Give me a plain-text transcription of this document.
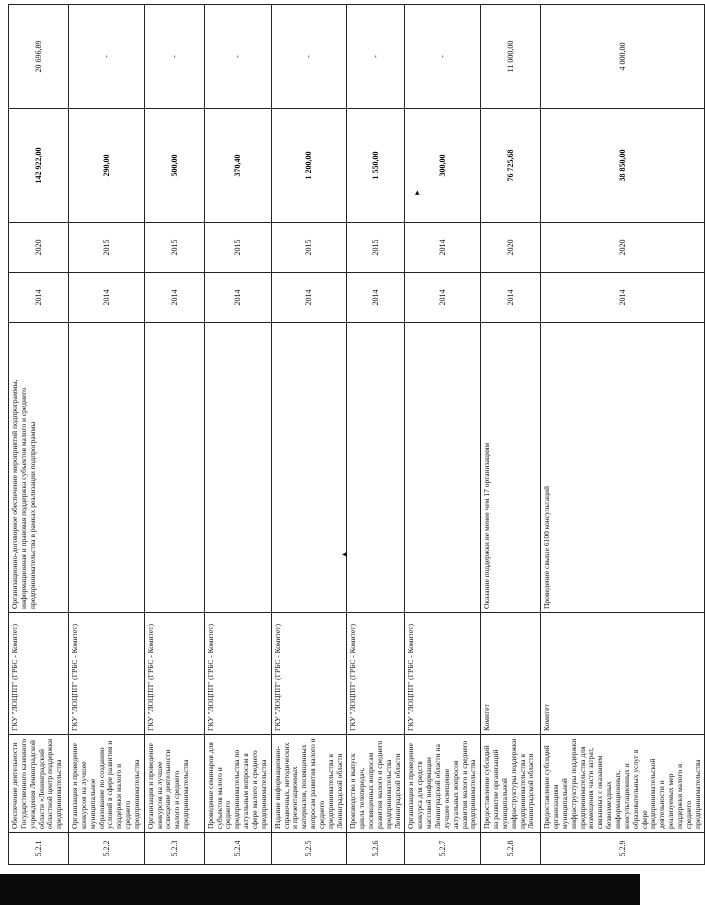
5.2.1	Обеспечение деятельности Государственного казенного учреждения Ленинградской области «Ленинградский областной центр поддержки предпринимательства	ГКУ "ЛОЦПП" (ГРБС - Комитет)	Организационно-договорное обеспечение мероприятий подпрограммы, информационная и правовая поддержка субъектов малого и среднего предпринимательства в рамках реализации подпрограммы	2014	2020	142 922,00	20 696,89
5.2.2	Организация и проведение конкурсов на лучшее муниципальное образование по созданию условий в сфере развития и поддержки малого и среднего предпринимательства	ГКУ "ЛОЦПП" (ГРБС - Комитет)		2014	2015	290,00	-
5.2.3	Организация и проведение конкурсов на лучшее освещение деятельности малого и среднего предпринимательства	ГКУ "ЛОЦПП" (ГРБС - Комитет)		2014	2015	500,00	-
5.2.4	Проведение семинаров для субъектов малого и среднего предпринимательства по актуальным вопросам в сфере малого и среднего предпринимательства	ГКУ "ЛОЦПП" (ГРБС - Комитет)		2014	2015	370,40	-
5.2.5	Издание информационно-справочных, методических и презентационных материалов, посвященных вопросам развития малого и среднего предпринимательства в Ленинградской области	ГКУ "ЛОЦПП" (ГРБС - Комитет)		2014	2015	1 200,00	-
5.2.6	Производство и выпуск цикла телепередач, посвященных вопросам развития малого и среднего предпринимательства Ленинградской области	ГКУ "ЛОЦПП" (ГРБС - Комитет)		2014	2015	1 550,00	-
5.2.7	Организация и проведение конкурса для средств массовой информации Ленинградской области на лучшее освещение актуальных вопросов развития малого и среднего предпринимательства	ГКУ "ЛОЦПП" (ГРБС - Комитет)		2014	2014	300,00	-
5.2.8	Предоставление субсидий на развитие организаций муниципальной инфраструктуры поддержки предпринимательства в Ленинградской области	Комитет	Оказание поддержки не менее чем 17 организациям	2014	2020	76 725,68	11 000,00
5.2.9	Предоставление субсидий организациям муниципальной инфраструктуры поддержки предпринимательства для возмещения части затрат, связанных с оказанием безвозмездных информационных, консультационных и образовательных услуг в сфере предпринимательской деятельности и реализуемых мер поддержки малого и среднего предпринимательства	Комитет	Проведение свыше 6100 консультаций	2014	2020	38 850,00	4 000,00
◂
▴
